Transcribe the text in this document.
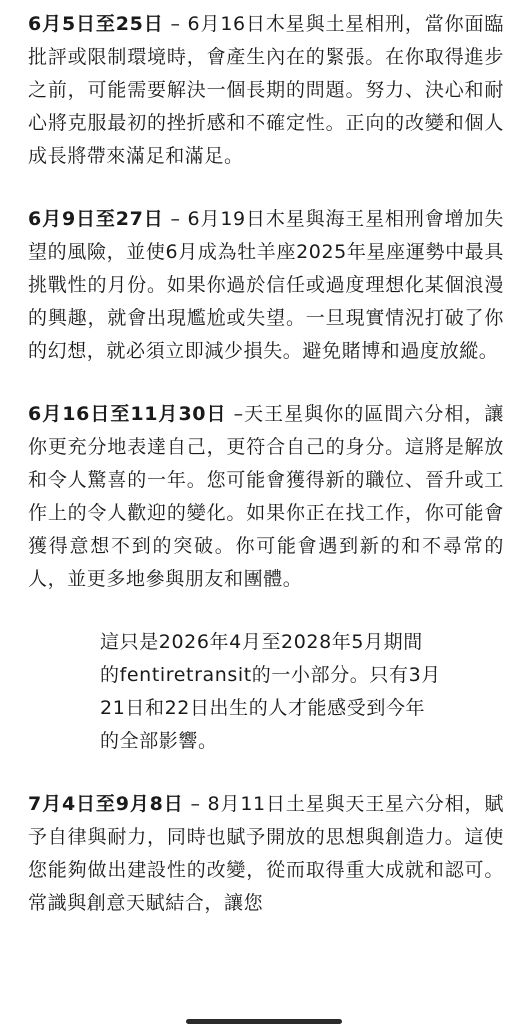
6月5日至25日 – 6月16日木星與土星相刑，當你面臨批評或限制環境時，會產生內在的緊張。在你取得進步之前，可能需要解決一個長期的問題。努力、決心和耐心將克服最初的挫折感和不確定性。正向的改變和個人成長將帶來滿足和滿足。

6月9日至27日 – 6月19日木星與海王星相刑會增加失望的風險，並使6月成為牡羊座2025年星座運勢中最具挑戰性的月份。如果你過於信任或過度理想化某個浪漫的興趣，就會出現尷尬或失望。一旦現實情況打破了你的幻想，就必須立即減少損失。避免賭博和過度放縱。

6月16日至11月30日 –天王星與你的區間六分相，讓你更充分地表達自己，更符合自己的身分。這將是解放和令人驚喜的一年。您可能會獲得新的職位、晉升或工作上的令人歡迎的變化。如果你正在找工作，你可能會獲得意想不到的突破。你可能會遇到新的和不尋常的人，並更多地參與朋友和團體。

這只是2026年4月至2028年5月期間
的fentiretransit的一小部分。只有3月
21日和22日出生的人才能感受到今年
的全部影響。

7月4日至9月8日 – 8月11日土星與天王星六分相，賦予自律與耐力，同時也賦予開放的思想與創造力。這使您能夠做出建設性的改變，從而取得重大成就和認可。常識與創意天賦結合，讓您
